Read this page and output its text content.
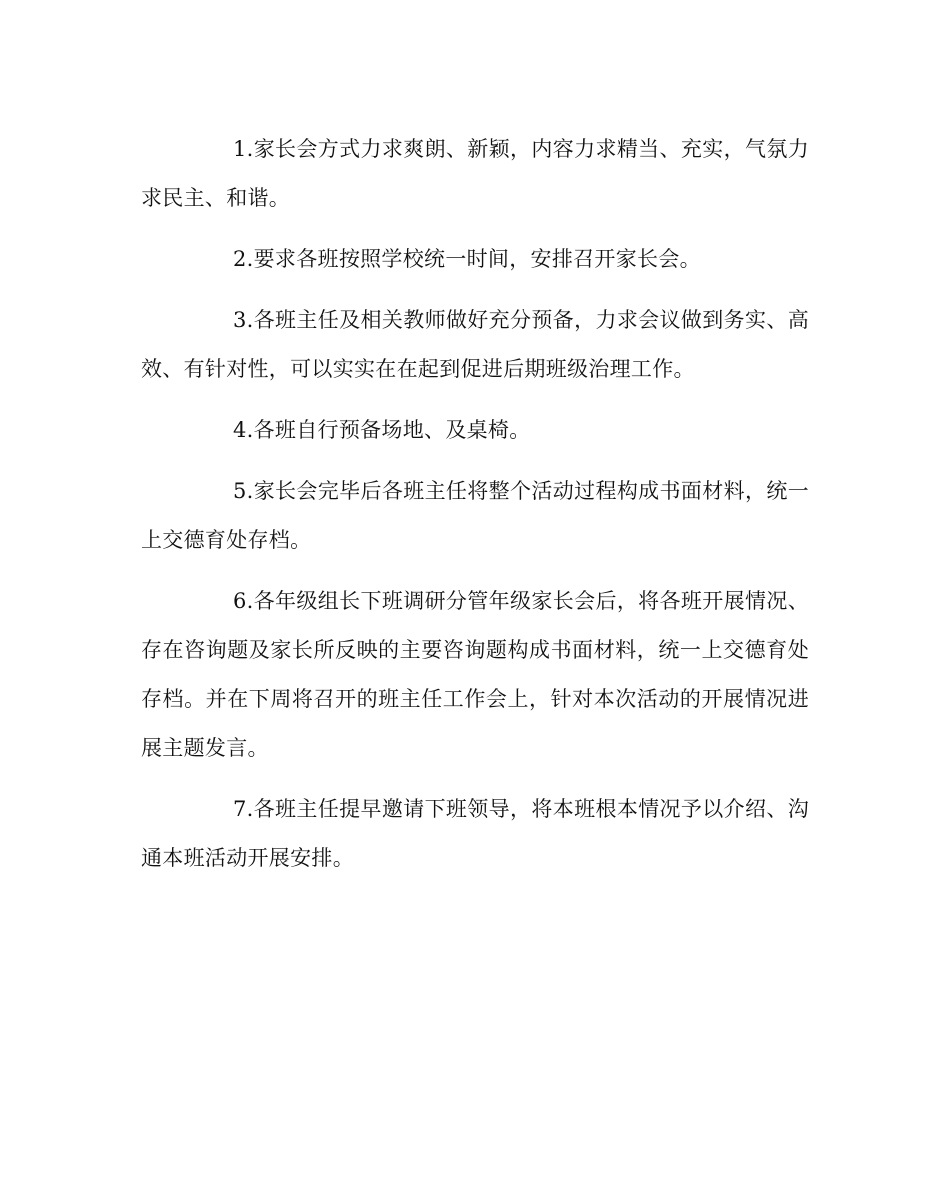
1.家长会方式力求爽朗、新颖，内容力求精当、充实，气氛力求民主、和谐。

2.要求各班按照学校统一时间，安排召开家长会。

3.各班主任及相关教师做好充分预备，力求会议做到务实、高效、有针对性，可以实实在在起到促进后期班级治理工作。

4.各班自行预备场地、及桌椅。

5.家长会完毕后各班主任将整个活动过程构成书面材料，统一上交德育处存档。

6.各年级组长下班调研分管年级家长会后，将各班开展情况、存在咨询题及家长所反映的主要咨询题构成书面材料，统一上交德育处存档。并在下周将召开的班主任工作会上，针对本次活动的开展情况进展主题发言。

7.各班主任提早邀请下班领导，将本班根本情况予以介绍、沟通本班活动开展安排。
